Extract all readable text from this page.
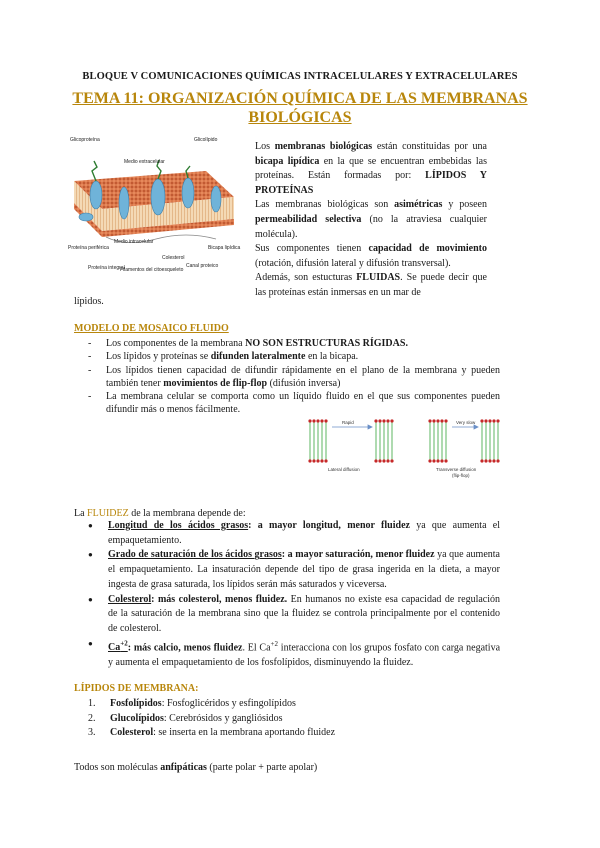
BLOQUE V COMUNICACIONES QUÍMICAS INTRACELULARES Y EXTRACELULARES
TEMA 11: ORGANIZACIÓN QUÍMICA DE LAS MEMBRANAS
BIOLÓGICAS
Glicoproteína	Glicolípido
Medio extracelular
Medio intracelular
Proteína periférica
Proteína integral
Filamentos del citoesqueleto
Colesterol
Canal proteico
Bicapa lipídica

Los membranas biológicas están constituidas por una bicapa lipídica en la que se encuentran embebidas las proteínas. Están formadas por: LÍPIDOS Y PROTEÍNAS

Las membranas biológicas son asimétricas y poseen permeabilidad selectiva (no la atraviesa cualquier molécula).

Sus componentes tienen capacidad de movimiento (rotación, difusión lateral y difusión transversal).

Además, son estucturas FLUIDAS. Se puede decir que las proteínas están inmersas en un mar de

lípidos.
MODELO DE MOSAICO FLUIDO
- Los componentes de la membrana NO SON ESTRUCTURAS RÍGIDAS.
- Los lípidos y proteínas se difunden lateralmente en la bicapa.
- Los lípidos tienen capacidad de difundir rápidamente en el plano de la membrana y pueden también tener movimientos de flip-flop (difusión inversa)
- La membrana celular se comporta como un líquido fluido en el que sus componentes pueden difundir más o menos fácilmente.
Rapid
Lateral diffusion
Very slow
Transverse diffusion
(flip-flop)
La FLUIDEZ de la membrana depende de:
● Longitud de los ácidos grasos: a mayor longitud, menor fluidez ya que aumenta el empaquetamiento.
● Grado de saturación de los ácidos grasos: a mayor saturación, menor fluidez ya que aumenta el empaquetamiento. La insaturación depende del tipo de grasa ingerida en la dieta, a mayor ingesta de grasa saturada, los lípidos serán más saturados y viceversa.
● Colesterol: más colesterol, menos fluidez. En humanos no existe esa capacidad de regulación de la saturación de la membrana sino que la fluidez se controla principalmente por el contenido de colesterol.
● $Ca^{+2}$: más calcio, menos fluidez. El $Ca^{+2}$ interacciona con los grupos fosfato con carga negativa y aumenta el empaquetamiento de los fosfolípidos, disminuyendo la fluidez.
LÍPIDOS DE MEMBRANA:
1. Fosfolípidos: Fosfoglicéridos y esfingolípidos
2. Glucolípidos: Cerebrósidos y gangliósidos
3. Colesterol: se inserta en la membrana aportando fluidez
Todos son moléculas anfipáticas (parte polar + parte apolar)
